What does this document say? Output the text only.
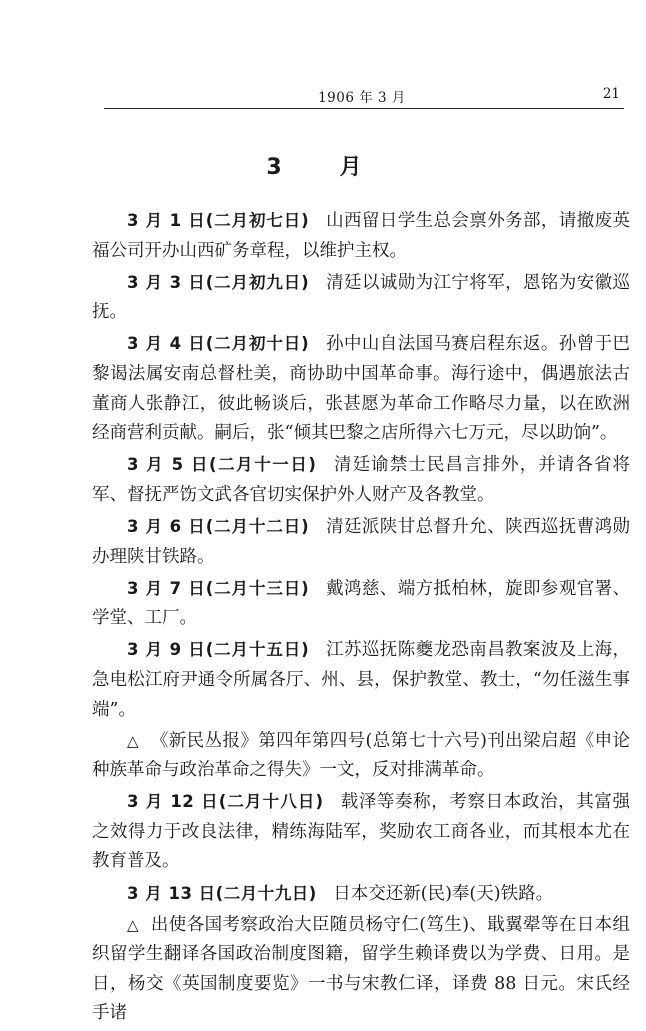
1906 年 3 月	21
3　月

3 月 1 日(二月初七日) 山西留日学生总会禀外务部，请撤废英福公司开办山西矿务章程，以维护主权。

3 月 3 日(二月初九日) 清廷以诚勋为江宁将军，恩铭为安徽巡抚。

3 月 4 日(二月初十日) 孙中山自法国马赛启程东返。孙曾于巴黎谒法属安南总督杜美，商协助中国革命事。海行途中，偶遇旅法古董商人张静江，彼此畅谈后，张甚愿为革命工作略尽力量，以在欧洲经商营利贡献。嗣后，张“倾其巴黎之店所得六七万元，尽以助饷”。

3 月 5 日(二月十一日) 清廷谕禁士民昌言排外，并请各省将军、督抚严饬文武各官切实保护外人财产及各教堂。

3 月 6 日(二月十二日) 清廷派陕甘总督升允、陕西巡抚曹鸿勋办理陕甘铁路。

3 月 7 日(二月十三日) 戴鸿慈、端方抵柏林，旋即参观官署、学堂、工厂。

3 月 9 日(二月十五日) 江苏巡抚陈夔龙恐南昌教案波及上海，急电松江府尹通令所属各厅、州、县，保护教堂、教士，“勿任滋生事端”。

△ 《新民丛报》第四年第四号(总第七十六号)刊出梁启超《申论种族革命与政治革命之得失》一文，反对排满革命。

3 月 12 日(二月十八日) 载泽等奏称，考察日本政治，其富强之效得力于改良法律，精练海陆军，奖励农工商各业，而其根本尤在教育普及。

3 月 13 日(二月十九日) 日本交还新(民)奉(天)铁路。

△ 出使各国考察政治大臣随员杨守仁(笃生)、戢翼翚等在日本组织留学生翻译各国政治制度图籍，留学生赖译费以为学费、日用。是日，杨交《英国制度要览》一书与宋教仁译，译费 88 日元。宋氏经手诸
